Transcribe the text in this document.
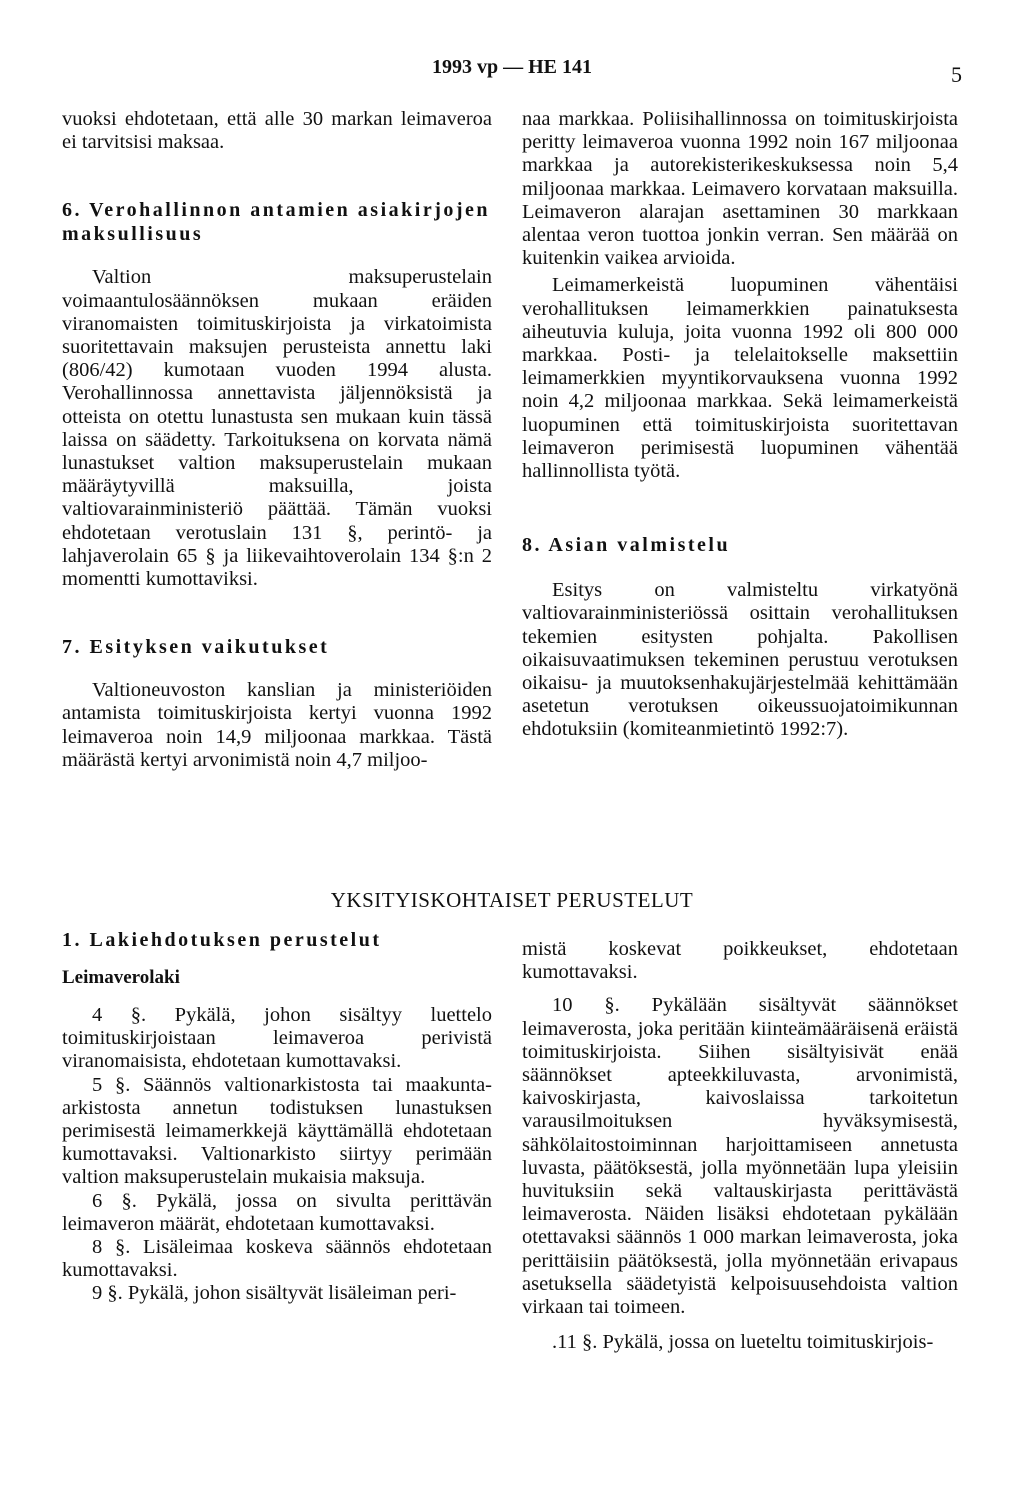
1993 vp — HE 141	5

vuoksi ehdotetaan, että alle 30 markan leimaveroa ei tarvitsisi maksaa.

6. Verohallinnon antamien asiakirjojen maksullisuus

Valtion maksuperustelain voimaantulosäännöksen mukaan eräiden viranomaisten toimituskirjoista ja virkatoimista suoritettavain maksujen perusteista annettu laki (806/42) kumotaan vuoden 1994 alusta. Verohallinnossa annettavista jäljennöksistä ja otteista on otettu lunastusta sen mukaan kuin tässä laissa on säädetty. Tarkoituksena on korvata nämä lunastukset valtion maksuperustelain mukaan määräytyvillä maksuilla, joista valtiovarainministeriö päättää. Tämän vuoksi ehdotetaan verotuslain 131 §, perintö- ja lahjaverolain 65 § ja liikevaihtoverolain 134 §:n 2 momentti kumottaviksi.

7. Esityksen vaikutukset

Valtioneuvoston kanslian ja ministeriöiden antamista toimituskirjoista kertyi vuonna 1992 leimaveroa noin 14,9 miljoonaa markkaa. Tästä määrästä kertyi arvonimistä noin 4,7 miljoo-

naa markkaa. Poliisihallinnossa on toimituskirjoista peritty leimaveroa vuonna 1992 noin 167 miljoonaa markkaa ja autorekisterikeskuksessa noin 5,4 miljoonaa markkaa. Leimavero korvataan maksuilla. Leimaveron alarajan asettaminen 30 markkaan alentaa veron tuottoa jonkin verran. Sen määrää on kuitenkin vaikea arvioida.

Leimamerkeistä luopuminen vähentäisi verohallituksen leimamerkkien painatuksesta aiheutuvia kuluja, joita vuonna 1992 oli 800 000 markkaa. Posti- ja telelaitokselle maksettiin leimamerkkien myyntikorvauksena vuonna 1992 noin 4,2 miljoonaa markkaa. Sekä leimamerkeistä luopuminen että toimituskirjoista suoritettavan leimaveron perimisestä luopuminen vähentää hallinnollista työtä.

8. Asian valmistelu

Esitys on valmisteltu virkatyönä valtiovarainministeriössä osittain verohallituksen tekemien esitysten pohjalta. Pakollisen oikaisuvaatimuksen tekeminen perustuu verotuksen oikaisu- ja muutoksenhakujärjestelmää kehittämään asetetun verotuksen oikeussuojatoimikunnan ehdotuksiin (komiteanmietintö 1992:7).

YKSITYISKOHTAISET PERUSTELUT
1. Lakiehdotuksen perustelut
Leimaverolaki

4 §. Pykälä, johon sisältyy luettelo toimituskirjoistaan leimaveroa perivistä viranomaisista, ehdotetaan kumottavaksi.

5 §. Säännös valtionarkistosta tai maakunta-arkistosta annetun todistuksen lunastuksen perimisestä leimamerkkejä käyttämällä ehdotetaan kumottavaksi. Valtionarkisto siirtyy perimään valtion maksuperustelain mukaisia maksuja.

6 §. Pykälä, jossa on sivulta perittävän leimaveron määrät, ehdotetaan kumottavaksi.

8 §. Lisäleimaa koskeva säännös ehdotetaan kumottavaksi.

9 §. Pykälä, johon sisältyvät lisäleiman peri-

mistä koskevat poikkeukset, ehdotetaan kumottavaksi.

10 §. Pykälään sisältyvät säännökset leimaverosta, joka peritään kiinteämääräisenä eräistä toimituskirjoista. Siihen sisältyisivät enää säännökset apteekkiluvasta, arvonimistä, kaivoskirjasta, kaivoslaissa tarkoitetun varausilmoituksen hyväksymisestä, sähkölaitostoiminnan harjoittamiseen annetusta luvasta, päätöksestä, jolla myönnetään lupa yleisiin huvituksiin sekä valtauskirjasta perittävästä leimaverosta. Näiden lisäksi ehdotetaan pykälään otettavaksi säännös 1 000 markan leimaverosta, joka perittäisiin päätöksestä, jolla myönnetään erivapaus asetuksella säädetyistä kelpoisuusehdoista valtion virkaan tai toimeen.

.11 §. Pykälä, jossa on lueteltu toimituskirjois-
